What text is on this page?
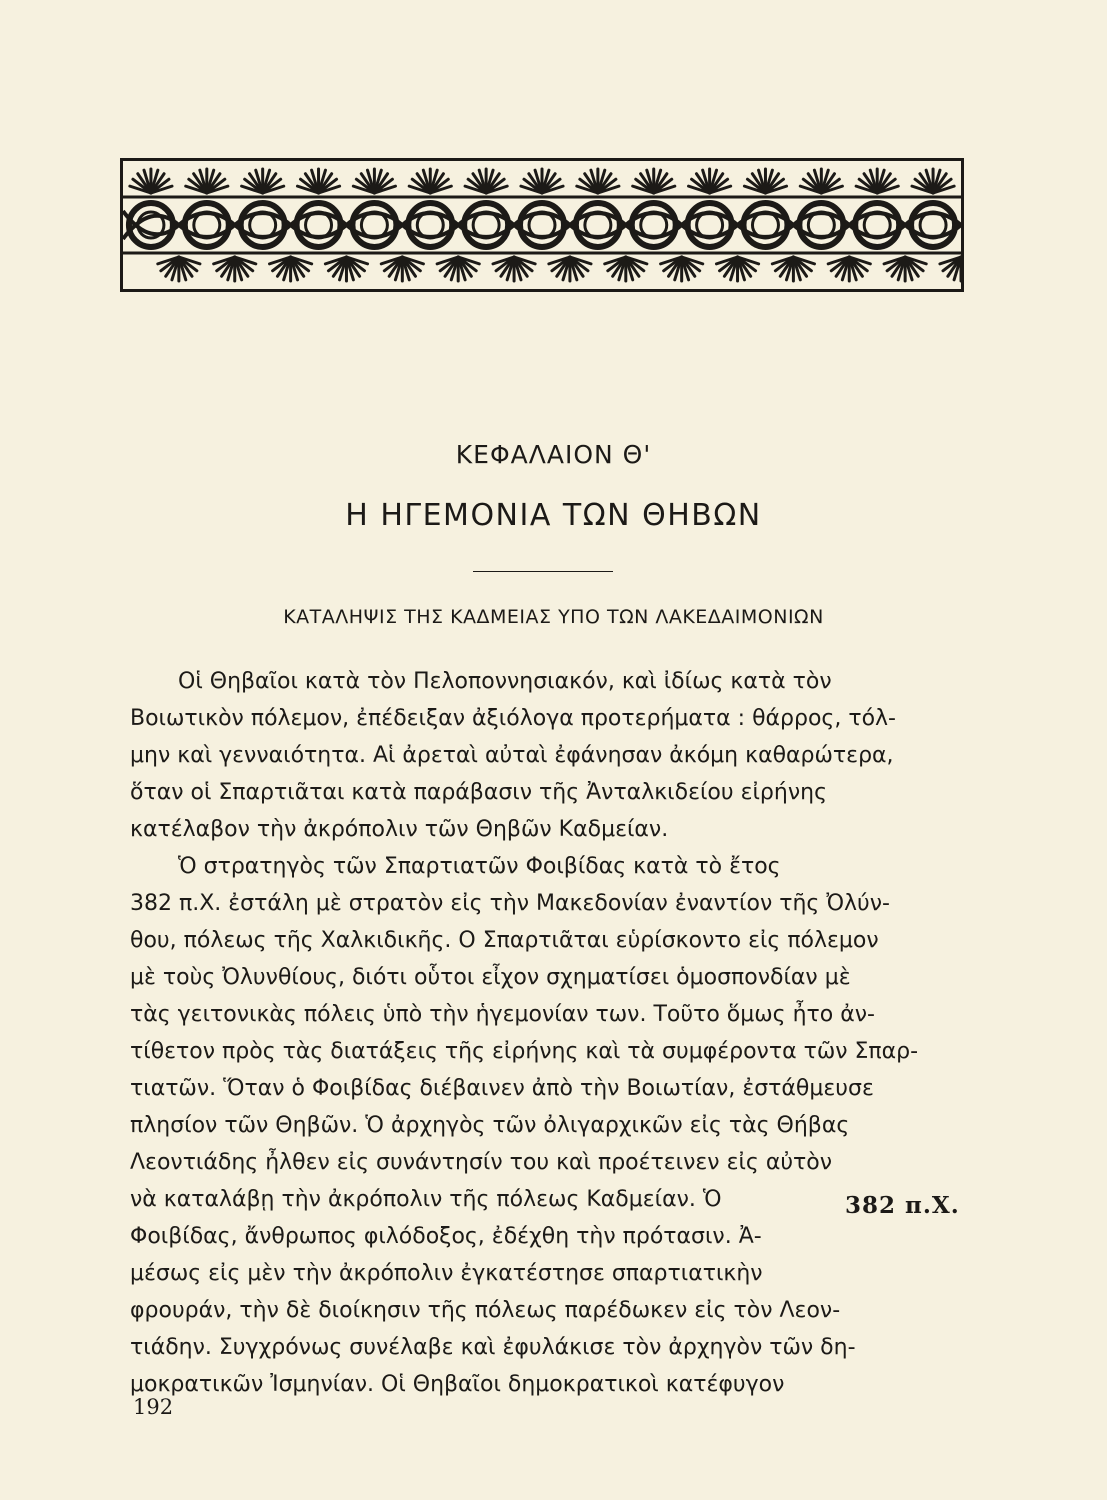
ΚΕΦΑΛΑΙΟΝ Θ'
Η ΗΓΕΜΟΝΙΑ ΤΩΝ ΘΗΒΩΝ
ΚΑΤΑΛΗΨΙΣ ΤΗΣ ΚΑΔΜΕΙΑΣ ΥΠΟ ΤΩΝ ΛΑΚΕΔΑΙΜΟΝΙΩΝ
Οἱ Θηβαῖοι κατὰ τὸν Πελοποννησιακόν, καὶ ἰδίως κατὰ τὸν
Βοιωτικὸν πόλεμον, ἐπέδειξαν ἀξιόλογα προτερήματα : θάρρος, τόλ-
μην καὶ γενναιότητα. Αἱ ἀρεταὶ αὐταὶ ἐφάνησαν ἀκόμη καθαρώτερα,
ὅταν οἱ Σπαρτιᾶται κατὰ παράβασιν τῆς Ἀνταλκιδείου εἰρήνης
κατέλαβον τὴν ἀκρόπολιν τῶν Θηβῶν Καδμείαν.
Ὁ στρατηγὸς τῶν Σπαρτιατῶν Φοιβίδας κατὰ τὸ ἔτος
382 π.Χ. ἐστάλη μὲ στρατὸν εἰς τὴν Μακεδονίαν ἐναντίον τῆς Ὀλύν-
θου, πόλεως τῆς Χαλκιδικῆς. Ο Σπαρτιᾶται εὑρίσκοντο εἰς πόλεμον
μὲ τοὺς Ὀλυνθίους, διότι οὗτοι εἶχον σχηματίσει ὁμοσπονδίαν μὲ
τὰς γειτονικὰς πόλεις ὑπὸ τὴν ἡγεμονίαν των. Τοῦτο ὅμως ἦτο ἀν-
τίθετον πρὸς τὰς διατάξεις τῆς εἰρήνης καὶ τὰ συμφέροντα τῶν Σπαρ-
τιατῶν. Ὅταν ὁ Φοιβίδας διέβαινεν ἀπὸ τὴν Βοιωτίαν, ἐστάθμευσε
πλησίον τῶν Θηβῶν. Ὁ ἀρχηγὸς τῶν ὀλιγαρχικῶν εἰς τὰς Θήβας
Λεοντιάδης ἦλθεν εἰς συνάντησίν του καὶ προέτεινεν εἰς αὐτὸν
νὰ καταλάβῃ τὴν ἀκρόπολιν τῆς πόλεως Καδμείαν. Ὁ
Φοιβίδας, ἄνθρωπος φιλόδοξος, ἐδέχθη τὴν πρότασιν. Ἀ-
μέσως εἰς μὲν τὴν ἀκρόπολιν ἐγκατέστησε σπαρτιατικὴν
φρουράν, τὴν δὲ διοίκησιν τῆς πόλεως παρέδωκεν εἰς τὸν Λεον-
τιάδην. Συγχρόνως συνέλαβε καὶ ἐφυλάκισε τὸν ἀρχηγὸν τῶν δη-
μοκρατικῶν Ἰσμηνίαν. Οἱ Θηβαῖοι δημοκρατικοὶ κατέφυγον
382 π.Χ.
192
